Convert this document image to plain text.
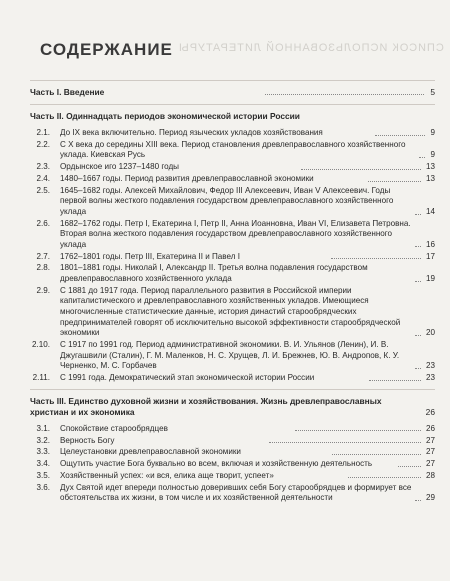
СОДЕРЖАНИЕ СПИСОК ИСПОЛЬЗОВАННОЙ ЛИТЕРАТУРЫ
Часть I. Введение	5
Часть II. Одиннадцать периодов экономической истории России
2.1.	До IX века включительно. Период языческих укладов хозяйствования	9
2.2.	С X века до середины XIII века. Период становления древлеправославного хозяйственного уклада. Киевская Русь	9
2.3.	Ордынское иго 1237–1480 годы	13
2.4.	1480–1667 годы. Период развития древлеправославной экономики	13
2.5.	1645–1682 годы. Алексей Михайлович, Федор III Алексеевич, Иван V Алексеевич. Годы первой волны жесткого подавления государством древлеправославного хозяйственного уклада	14
2.6.	1682–1762 годы. Петр I, Екатерина I, Петр II, Анна Иоанновна, Иван VI, Елизавета Петровна. Вторая волна жесткого подавления государством древлеправославного хозяйственного уклада	16
2.7.	1762–1801 годы. Петр III, Екатерина II и Павел I	17
2.8.	1801–1881 годы. Николай I, Александр II. Третья волна подавления государством древлеправославного хозяйственного уклада	19
2.9.	С 1881 до 1917 года. Период параллельного развития в Российской империи капиталистического и древлеправославного хозяйственных укладов. Имеющиеся многочисленные статистические данные, история династий старообрядческих предпринимателей говорят об исключительно высокой эффективности старообрядческой экономики	20
2.10.	С 1917 по 1991 год. Период административной экономики. В. И. Ульянов (Ленин), И. В. Джугашвили (Сталин), Г. М. Маленков, Н. С. Хрущев, Л. И. Брежнев, Ю. В. Андропов, К. У. Черненко, М. С. Горбачев	23
2.11.	С 1991 года. Демократический этап экономической истории России	23
Часть III. Единство духовной жизни и хозяйствования. Жизнь древлеправославных христиан и их экономика	26
3.1.	Спокойствие старообрядцев	26
3.2.	Верность Богу	27
3.3.	Целеустановки древлеправославной экономики	27
3.4.	Ощутить участие Бога буквально во всем, включая и хозяйственную деятельность	27
3.5.	Хозяйственный успех: «и вся, елика аще творит, успеет»	28
3.6.	Дух Святой идет впереди полностью доверивших себя Богу старообрядцев и формирует все обстоятельства их жизни, в том числе и их хозяйственной деятельности	29
